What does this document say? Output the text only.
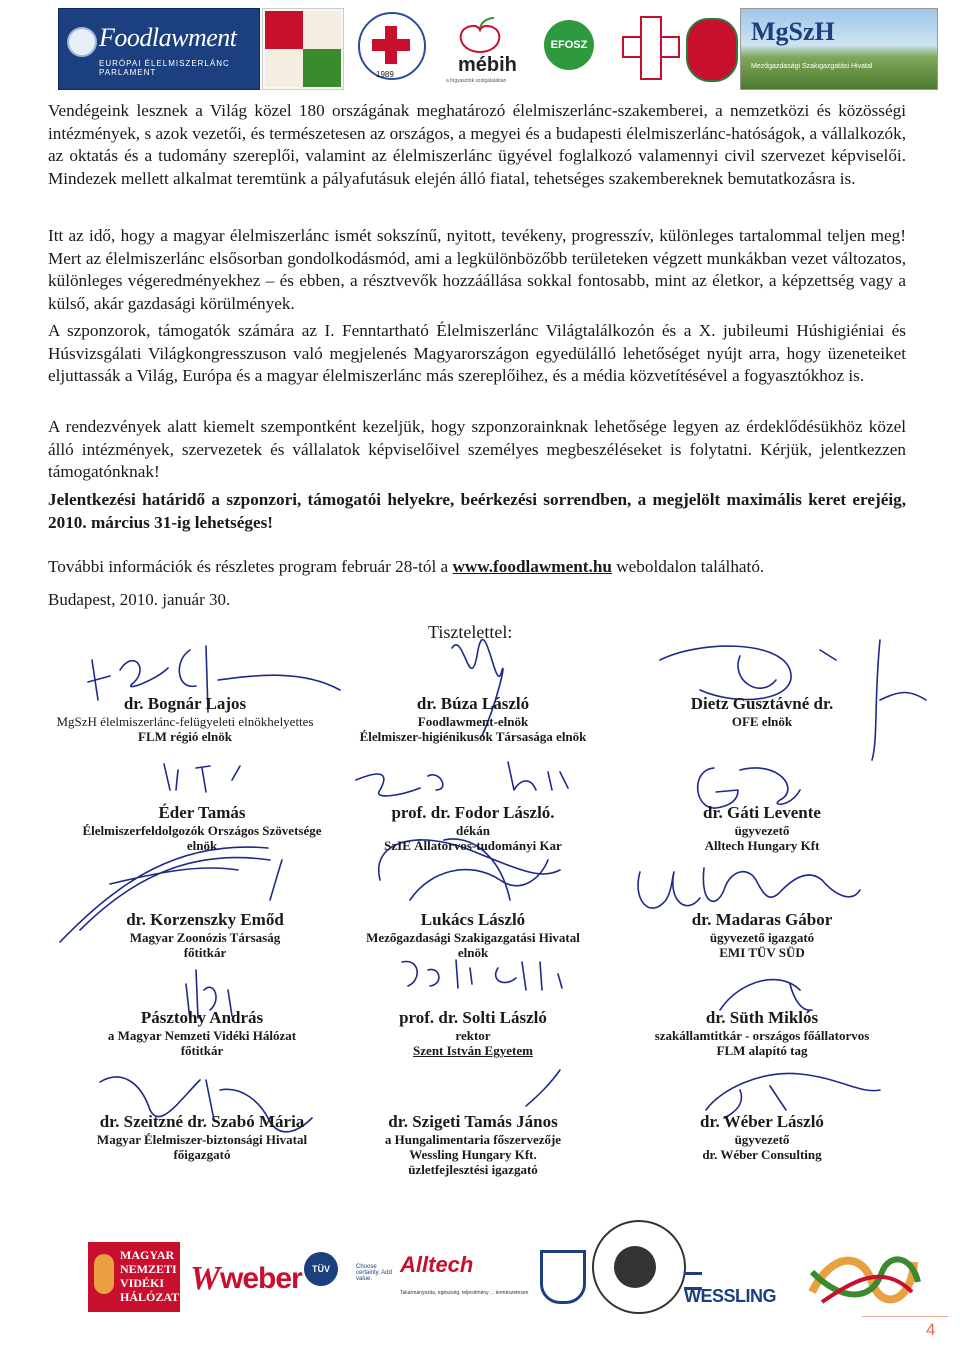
Foodlawment
EURÓPAI ÉLELMISZERLÁNC PARLAMENT	1989	mébih
a fogyasztók szolgálatában
EFOSZ	MgSzH
Mezőgazdasági Szakigazgatási Hivatal

Vendégeink lesznek a Világ közel 180 országának meghatározó élelmiszerlánc-szakemberei, a nemzetközi és közösségi intézmények, s azok vezetői, és természetesen az országos, a megyei és a budapesti élelmiszerlánc-hatóságok, a vállalkozók, az oktatás és a tudomány szereplői, valamint az élelmiszerlánc ügyével foglalkozó valamennyi civil szervezet képviselői. Mindezek mellett alkalmat teremtünk a pályafutásuk elején álló fiatal, tehetséges szakembereknek bemutatkozásra is.

Itt az idő, hogy a magyar élelmiszerlánc ismét sokszínű, nyitott, tevékeny, progresszív, különleges tartalommal teljen meg! Mert az élelmiszerlánc elsősorban gondolkodásmód, ami a legkülönbözőbb területeken végzett munkákban vezet változatos, különleges végeredményekhez – és ebben, a résztvevők hozzáállása sokkal fontosabb, mint az életkor, a képzettség vagy a külső, akár gazdasági körülmények.

A szponzorok, támogatók számára az I. Fenntartható Élelmiszerlánc Világtalálkozón és a X. jubileumi Húshigiéniai és Húsvizsgálati Világkongresszuson való megjelenés Magyarországon egyedülálló lehetőséget nyújt arra, hogy üzeneteiket eljuttassák a Világ, Európa és a magyar élelmiszerlánc más szereplőihez, és a média közvetítésével a fogyasztókhoz is.

A rendezvények alatt kiemelt szempontként kezeljük, hogy szponzorainknak lehetősége legyen az érdeklődésükhöz közel álló intézmények, szervezetek és vállalatok képviselőivel személyes megbeszéléseket is folytatni. Kérjük, jelentkezzen támogatónknak!

Jelentkezési határidő a szponzori, támogatói helyekre, beérkezési sorrendben, a megjelölt maximális keret erejéig, 2010. március 31-ig lehetséges!

További információk és részletes program február 28-tól a www.foodlawment.hu weboldalon található.

Budapest, 2010. január 30.
Tisztelettel:
dr. Bognár Lajos
MgSzH élelmiszerlánc-felügyeleti elnökhelyettes
FLM régió elnök
dr. Búza László
Foodlawment-elnök
Élelmiszer-higiénikusok Társasága elnök
Dietz Gusztávné dr.
OFE elnök
Éder Tamás
Élelmiszerfeldolgozók Országos Szövetsége
elnök
prof. dr. Fodor László.
dékán
SzIE Állatorvos-tudományi Kar
dr. Gáti Levente
ügyvezető
Alltech Hungary Kft
dr. Korzenszky Emőd
Magyar Zoonózis Társaság
főtitkár
Lukács László
Mezőgazdasági Szakigazgatási Hivatal
elnök
dr. Madaras Gábor
ügyvezető igazgató
EMI TÜV SÜD
Pásztohy András
a Magyar Nemzeti Vidéki Hálózat
főtitkár
prof. dr. Solti László
rektor
Szent István Egyetem
dr. Süth Miklós
szakállamtitkár - országos főállatorvos
FLM alapító tag
dr. Szeitzné dr. Szabó Mária
Magyar Élelmiszer-biztonsági Hivatal
főigazgató
dr. Szigeti Tamás János
a Hungalimentaria főszervezője
Wessling Hungary Kft.
üzletfejlesztési igazgató
dr. Wéber László
ügyvezető
dr. Wéber Consulting
MAGYAR
NEMZETI
VIDÉKI
HÁLÓZAT W weber	TÜV	Choose certainty. Add value.
Alltech
Takarmányozás, egészség, teljesítmény ... természetesen	WESSLING
4
